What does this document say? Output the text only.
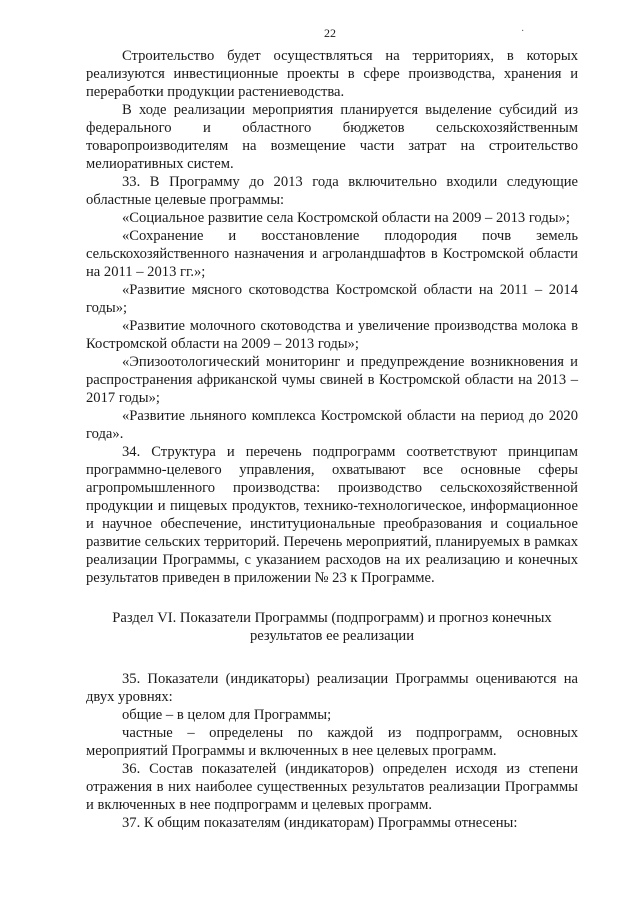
22	·

Строительство будет осуществляться на территориях, в которых реализуются инвестиционные проекты в сфере производства, хранения и переработки продукции растениеводства.

В ходе реализации мероприятия планируется выделение субсидий из федерального и областного бюджетов сельскохозяйственным товаропроизводителям на возмещение части затрат на строительство мелиоративных систем.

33. В Программу до 2013 года включительно входили следующие областные целевые программы:

«Социальное развитие села Костромской области на 2009 – 2013 годы»;

«Сохранение и восстановление плодородия почв земель сельскохозяйственного назначения и агроландшафтов в Костромской области на 2011 – 2013 гг.»;

«Развитие мясного скотоводства Костромской области на 2011 – 2014 годы»;

«Развитие молочного скотоводства и увеличение производства молока в Костромской области на 2009 – 2013 годы»;

«Эпизоотологический мониторинг и предупреждение возникновения и распространения африканской чумы свиней в Костромской области на 2013 – 2017 годы»;

«Развитие льняного комплекса Костромской области на период до 2020 года».

34. Структура и перечень подпрограмм соответствуют принципам программно-целевого управления, охватывают все основные сферы агропромышленного производства: производство сельскохозяйственной продукции и пищевых продуктов, технико-технологическое, информационное и научное обеспечение, институциональные преобразования и социальное развитие сельских территорий. Перечень мероприятий, планируемых в рамках реализации Программы, с указанием расходов на их реализацию и конечных результатов приведен в приложении № 23 к Программе.

Раздел VI. Показатели Программы (подпрограмм) и прогноз конечных
результатов ее реализации

35. Показатели (индикаторы) реализации Программы оцениваются на двух уровнях:

общие – в целом для Программы;

частные – определены по каждой из подпрограмм, основных мероприятий Программы и включенных в нее целевых программ.

36. Состав показателей (индикаторов) определен исходя из степени отражения в них наиболее существенных результатов реализации Программы и включенных в нее подпрограмм и целевых программ.

37. К общим показателям (индикаторам) Программы отнесены:
